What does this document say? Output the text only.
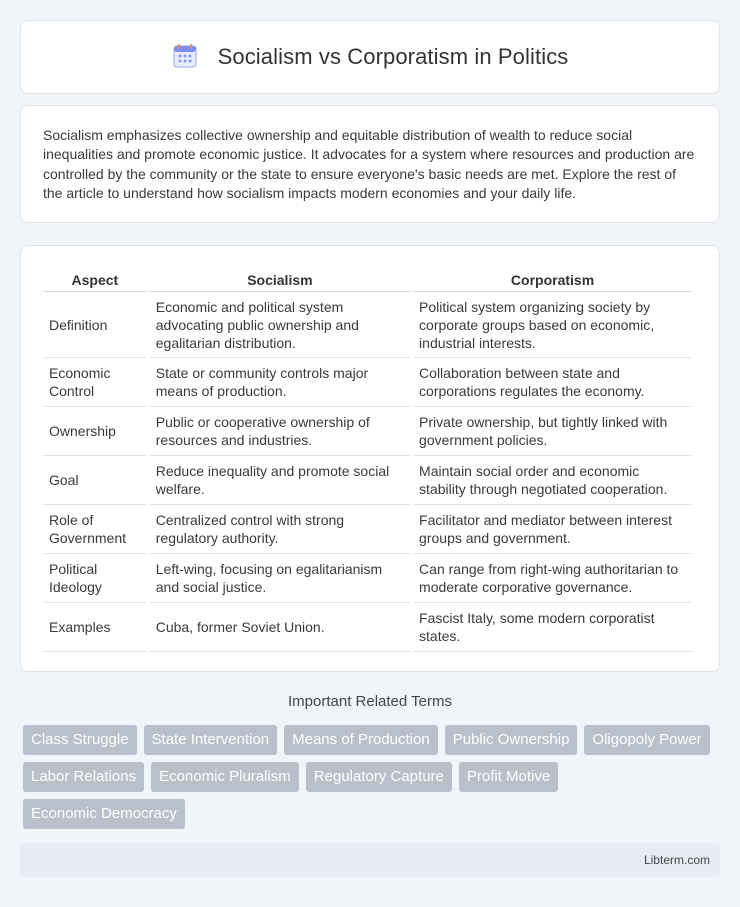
Socialism vs Corporatism in Politics

Socialism emphasizes collective ownership and equitable distribution of wealth to reduce social inequalities and promote economic justice. It advocates for a system where resources and production are controlled by the community or the state to ensure everyone's basic needs are met. Explore the rest of the article to understand how socialism impacts modern economies and your daily life.

Aspect	Socialism	Corporatism
Definition	Economic and political system advocating public ownership and egalitarian distribution.	Political system organizing society by corporate groups based on economic, industrial interests.
Economic Control	State or community controls major means of production.	Collaboration between state and corporations regulates the economy.
Ownership	Public or cooperative ownership of resources and industries.	Private ownership, but tightly linked with government policies.
Goal	Reduce inequality and promote social welfare.	Maintain social order and economic stability through negotiated cooperation.
Role of Government	Centralized control with strong regulatory authority.	Facilitator and mediator between interest groups and government.
Political Ideology	Left-wing, focusing on egalitarianism and social justice.	Can range from right-wing authoritarian to moderate corporative governance.
Examples	Cuba, former Soviet Union.	Fascist Italy, some modern corporatist states.
Important Related Terms
Class Struggle	State Intervention	Means of Production	Public Ownership	Oligopoly Power
Labor Relations	Economic Pluralism	Regulatory Capture	Profit Motive
Economic Democracy
Libterm.com
